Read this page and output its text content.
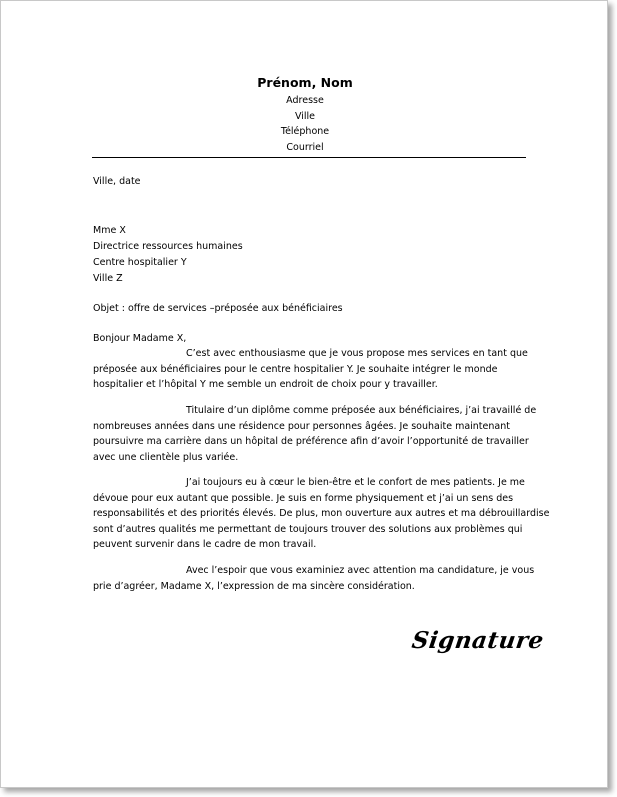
Prénom, Nom
Adresse
Ville
Téléphone
Courriel
Ville, date
Mme X
Directrice ressources humaines
Centre hospitalier Y
Ville Z
Objet : offre de services –préposée aux bénéficiaires
Bonjour Madame X,
C’est avec enthousiasme que je vous propose mes services en tant que
préposée aux bénéficiaires pour le centre hospitalier Y. Je souhaite intégrer le monde
hospitalier et l’hôpital Y me semble un endroit de choix pour y travailler.
Titulaire d’un diplôme comme préposée aux bénéficiaires, j’ai travaillé de
nombreuses années dans une résidence pour personnes âgées. Je souhaite maintenant
poursuivre ma carrière dans un hôpital de préférence afin d’avoir l’opportunité de travailler
avec une clientèle plus variée.
J’ai toujours eu à cœur le bien-être et le confort de mes patients. Je me
dévoue pour eux autant que possible. Je suis en forme physiquement et j’ai un sens des
responsabilités et des priorités élevés. De plus, mon ouverture aux autres et ma débrouillardise
sont d’autres qualités me permettant de toujours trouver des solutions aux problèmes qui
peuvent survenir dans le cadre de mon travail.
Avec l’espoir que vous examiniez avec attention ma candidature, je vous
prie d’agréer, Madame X, l’expression de ma sincère considération.
Signature
